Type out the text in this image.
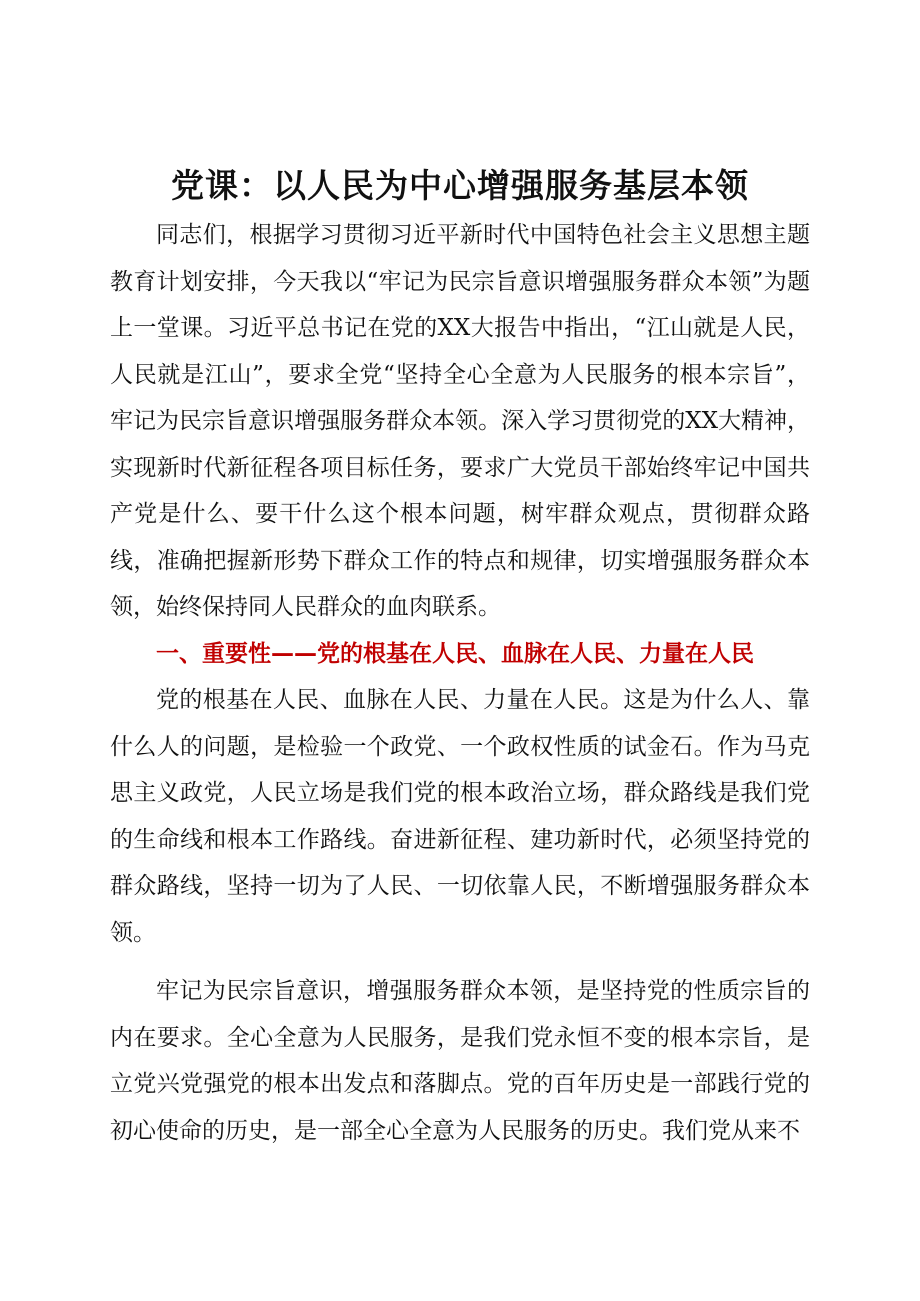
党课：以人民为中心增强服务基层本领

同志们，根据学习贯彻习近平新时代中国特色社会主义思想主题教育计划安排，今天我以“牢记为民宗旨意识增强服务群众本领”为题上一堂课。习近平总书记在党的XX大报告中指出，“江山就是人民，人民就是江山”，要求全党“坚持全心全意为人民服务的根本宗旨”，牢记为民宗旨意识增强服务群众本领。深入学习贯彻党的XX大精神，实现新时代新征程各项目标任务，要求广大党员干部始终牢记中国共产党是什么、要干什么这个根本问题，树牢群众观点，贯彻群众路线，准确把握新形势下群众工作的特点和规律，切实增强服务群众本领，始终保持同人民群众的血肉联系。

一、重要性——党的根基在人民、血脉在人民、力量在人民

党的根基在人民、血脉在人民、力量在人民。这是为什么人、靠什么人的问题，是检验一个政党、一个政权性质的试金石。作为马克思主义政党，人民立场是我们党的根本政治立场，群众路线是我们党的生命线和根本工作路线。奋进新征程、建功新时代，必须坚持党的群众路线，坚持一切为了人民、一切依靠人民，不断增强服务群众本领。

牢记为民宗旨意识，增强服务群众本领，是坚持党的性质宗旨的内在要求。全心全意为人民服务，是我们党永恒不变的根本宗旨，是立党兴党强党的根本出发点和落脚点。党的百年历史是一部践行党的初心使命的历史，是一部全心全意为人民服务的历史。我们党从来不
